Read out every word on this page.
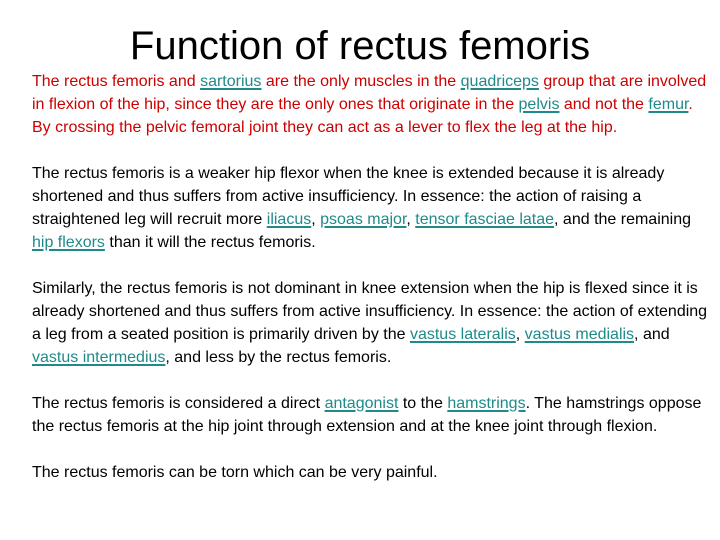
Function of rectus femoris

The rectus femoris and sartorius are the only muscles in the quadriceps group that are involved in flexion of the hip, since they are the only ones that originate in the pelvis and not the femur. By crossing the pelvic femoral joint they can act as a lever to flex the leg at the hip.

The rectus femoris is a weaker hip flexor when the knee is extended because it is already shortened and thus suffers from active insufficiency. In essence: the action of raising a straightened leg will recruit more iliacus, psoas major, tensor fasciae latae, and the remaining hip flexors than it will the rectus femoris.

Similarly, the rectus femoris is not dominant in knee extension when the hip is flexed since it is already shortened and thus suffers from active insufficiency. In essence: the action of extending a leg from a seated position is primarily driven by the vastus lateralis, vastus medialis, and vastus intermedius, and less by the rectus femoris.

The rectus femoris is considered a direct antagonist to the hamstrings. The hamstrings oppose the rectus femoris at the hip joint through extension and at the knee joint through flexion.

The rectus femoris can be torn which can be very painful.
